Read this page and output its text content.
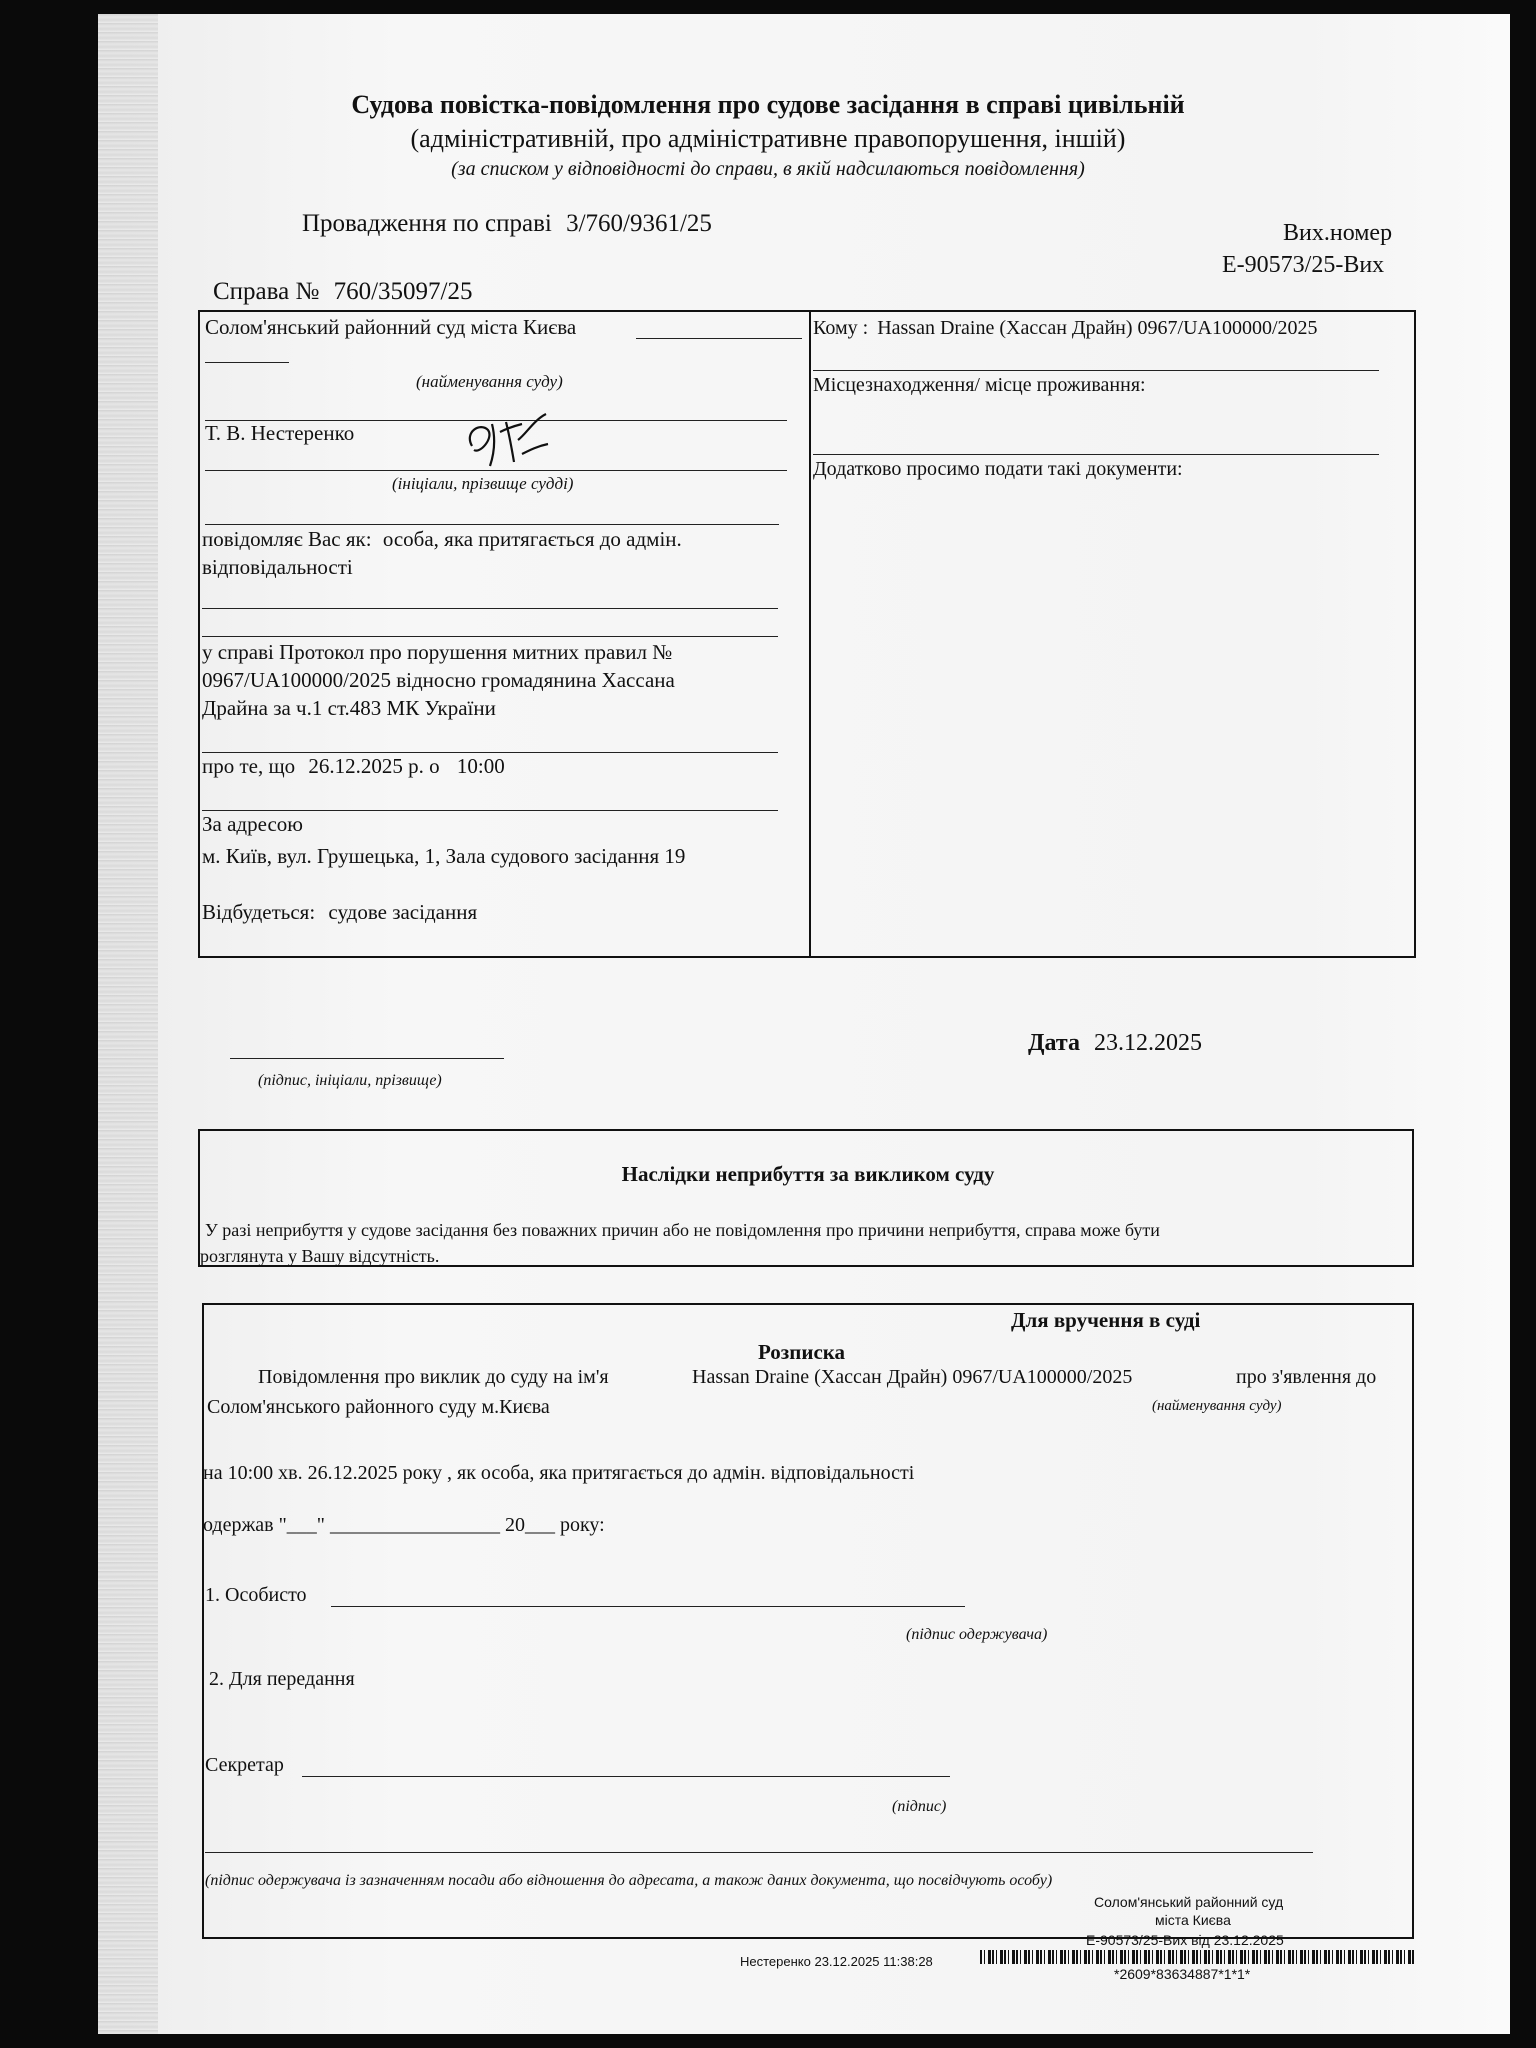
Судова повістка-повідомлення про судове засідання в справі цивільній
(адміністративній, про адміністративне правопорушення, іншій)
(за списком у відповідності до справи, в якій надсилаються повідомлення)
Провадження по справі 3/760/9361/25	Вих.номер
Е-90573/25-Вих
Справа № 760/35097/25
Солом'янський районний суд міста Києва
(найменування суду)
Т. В. Нестеренко
(ініціали, прізвище судді)
повідомляє Вас як: особа, яка притягається до адмін.
відповідальності
у справі Протокол про порушення митних правил №
0967/UA100000/2025 відносно громадянина Хассана
Драйна за ч.1 ст.483 МК України
про те, що 26.12.2025 р. о 10:00
За адресою
м. Київ, вул. Грушецька, 1, Зала судового засідання 19
Відбудеться: судове засідання
Кому : Hassan Draine (Хассан Драйн) 0967/UA100000/2025
Місцезнаходження/ місце проживання:
Додатково просимо подати такі документи:
(підпис, ініціали, прізвище)
Дата 23.12.2025
Наслідки неприбуття за викликом суду
У разі неприбуття у судове засідання без поважних причин або не повідомлення про причини неприбуття, справа може бути
розглянута у Вашу відсутність.
Для вручення в суді
Розписка
Повідомлення про виклик до суду на ім'я	Hassan Draine (Хассан Драйн) 0967/UA100000/2025	про з'явлення до
Солом'янського районного суду м.Києва	(найменування суду)
на 10:00 хв. 26.12.2025 року , як особа, яка притягається до адмін. відповідальності
одержав "___" _________________ 20___ року:
1. Особисто
(підпис одержувача)
2. Для передання
Секретар
(підпис)
(підпис одержувача із зазначенням посади або відношення до адресата, а також даних документа, що посвідчують особу)
Солом'янський районний суд
міста Києва
Е-90573/25-Вих від 23.12.2025
Нестеренко 23.12.2025 11:38:28
*2609*83634887*1*1*
